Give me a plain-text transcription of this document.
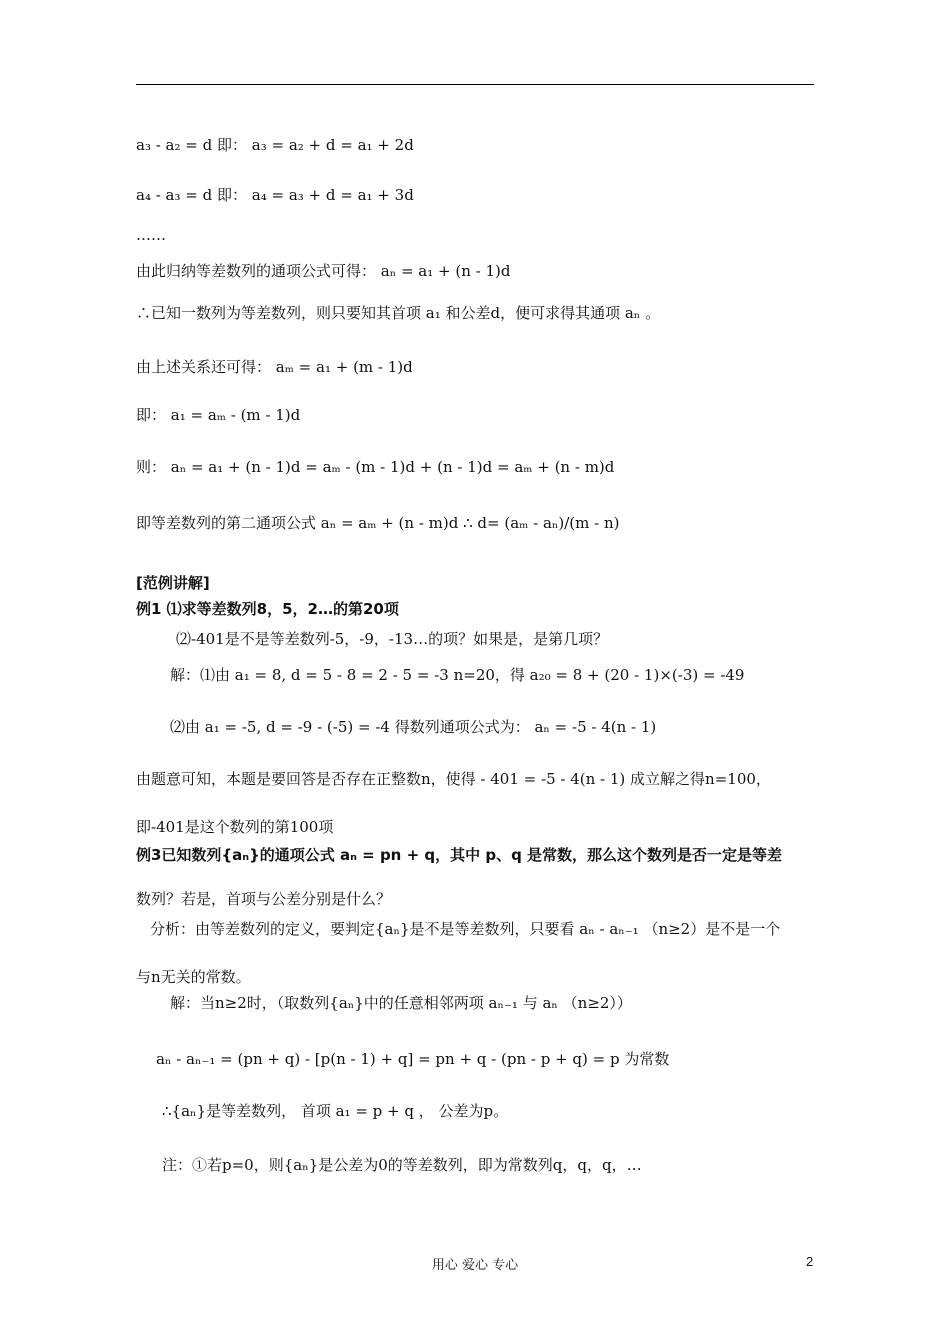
a₃ - a₂ = d 即： a₃ = a₂ + d = a₁ + 2d
a₄ - a₃ = d 即： a₄ = a₃ + d = a₁ + 3d
……
由此归纳等差数列的通项公式可得： aₙ = a₁ + (n - 1)d
∴已知一数列为等差数列，则只要知其首项 a₁ 和公差d，便可求得其通项 aₙ 。
由上述关系还可得： aₘ = a₁ + (m - 1)d
即： a₁ = aₘ - (m - 1)d
则： aₙ = a₁ + (n - 1)d = aₘ - (m - 1)d + (n - 1)d = aₘ + (n - m)d
即等差数列的第二通项公式 aₙ = aₘ + (n - m)d ∴ d= (aₘ - aₙ)/(m - n)
[范例讲解]
例1 ⑴求等差数列8，5，2…的第20项
⑵-401是不是等差数列-5，-9，-13…的项？如果是，是第几项？
解：⑴由 a₁ = 8, d = 5 - 8 = 2 - 5 = -3 n=20，得 a₂₀ = 8 + (20 - 1)×(-3) = -49
⑵由 a₁ = -5, d = -9 - (-5) = -4 得数列通项公式为： aₙ = -5 - 4(n - 1)
由题意可知，本题是要回答是否存在正整数n，使得 - 401 = -5 - 4(n - 1) 成立解之得n=100，
即-401是这个数列的第100项
例3已知数列{aₙ}的通项公式 aₙ = pn + q，其中 p、q 是常数，那么这个数列是否一定是等差
数列？若是，首项与公差分别是什么？
分析：由等差数列的定义，要判定{aₙ}是不是等差数列，只要看 aₙ - aₙ₋₁ （n≥2）是不是一个
与n无关的常数。
解：当n≥2时，（取数列{aₙ}中的任意相邻两项 aₙ₋₁ 与 aₙ （n≥2））
aₙ - aₙ₋₁ = (pn + q) - [p(n - 1) + q] = pn + q - (pn - p + q) = p 为常数
∴{aₙ}是等差数列， 首项 a₁ = p + q ， 公差为p。
注：①若p=0，则{aₙ}是公差为0的等差数列，即为常数列q，q，q，…
用心 爱心 专心	2
